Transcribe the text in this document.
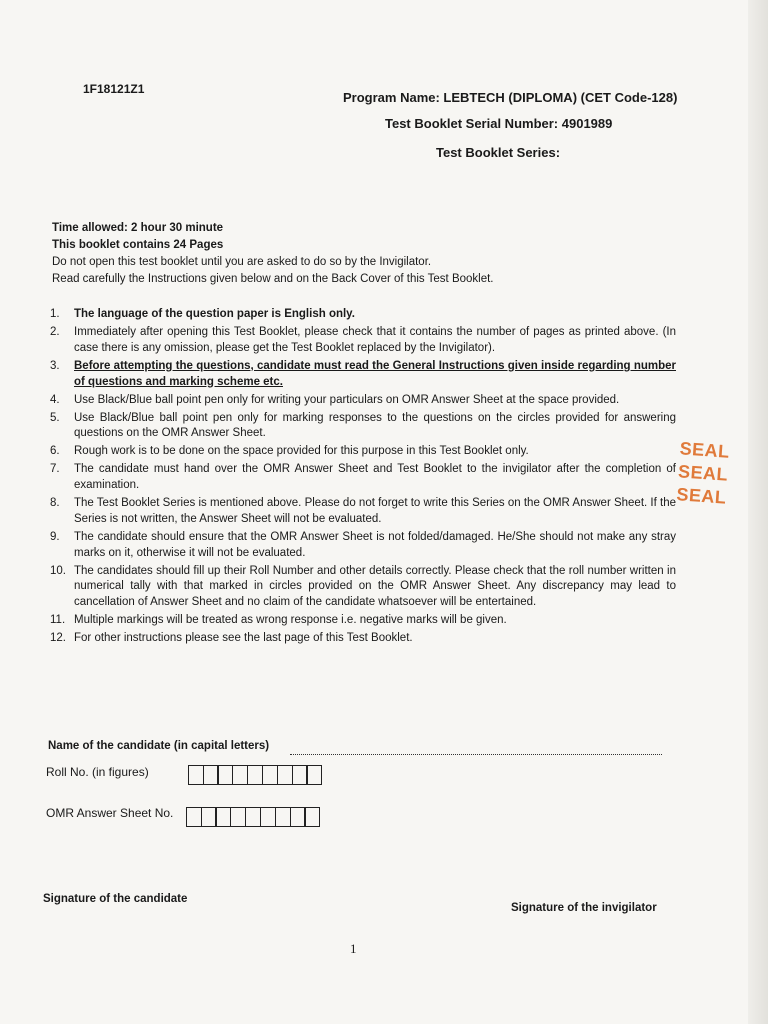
1F18121Z1
Program Name: LEBTECH (DIPLOMA) (CET Code-128)
Test Booklet Serial Number: 4901989
Test Booklet Series:
Time allowed: 2 hour 30 minute
This booklet contains 24 Pages
Do not open this test booklet until you are asked to do so by the Invigilator.
Read carefully the Instructions given below and on the Back Cover of this Test Booklet.
1. The language of the question paper is English only.
2. Immediately after opening this Test Booklet, please check that it contains the number of pages as printed above. (In case there is any omission, please get the Test Booklet replaced by the Invigilator).
3. Before attempting the questions, candidate must read the General Instructions given inside regarding number of questions and marking scheme etc.
4. Use Black/Blue ball point pen only for writing your particulars on OMR Answer Sheet at the space provided.
5. Use Black/Blue ball point pen only for marking responses to the questions on the circles provided for answering questions on the OMR Answer Sheet.
6. Rough work is to be done on the space provided for this purpose in this Test Booklet only.
7. The candidate must hand over the OMR Answer Sheet and Test Booklet to the invigilator after the completion of examination.
8. The Test Booklet Series is mentioned above. Please do not forget to write this Series on the OMR Answer Sheet. If the Series is not written, the Answer Sheet will not be evaluated.
9. The candidate should ensure that the OMR Answer Sheet is not folded/damaged. He/She should not make any stray marks on it, otherwise it will not be evaluated.
10. The candidates should fill up their Roll Number and other details correctly. Please check that the roll number written in numerical tally with that marked in circles provided on the OMR Answer Sheet. Any discrepancy may lead to cancellation of Answer Sheet and no claim of the candidate whatsoever will be entertained.
11. Multiple markings will be treated as wrong response i.e. negative marks will be given.
12. For other instructions please see the last page of this Test Booklet.
Name of the candidate (in capital letters)
Roll No. (in figures)
OMR Answer Sheet No.
Signature of the candidate
Signature of the invigilator
1
SEAL
SEAL
SEAL
